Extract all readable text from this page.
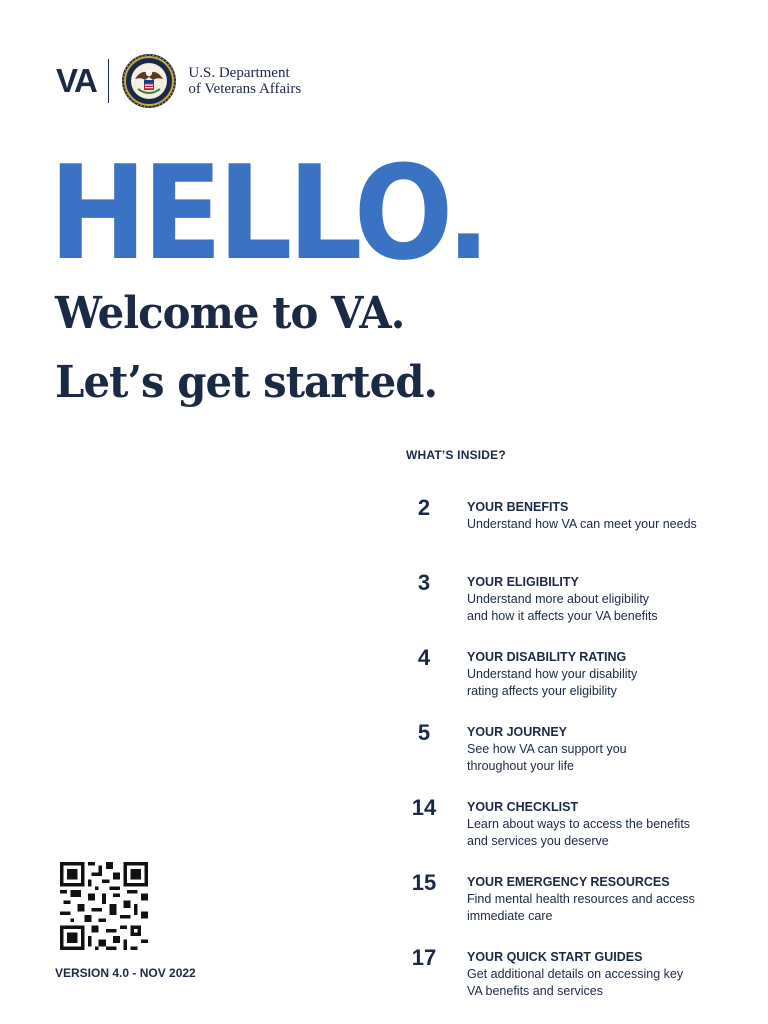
VA	U.S. Department
of Veterans Affairs
HELLO.
Welcome to VA.
Let’s get started.
WHAT’S INSIDE?
2	YOUR BENEFITS
Understand how VA can meet your needs
3	YOUR ELIGIBILITY
Understand more about eligibility
and how it affects your VA benefits
4	YOUR DISABILITY RATING
Understand how your disability
rating affects your eligibility
5	YOUR JOURNEY
See how VA can support you
throughout your life
14	YOUR CHECKLIST
Learn about ways to access the benefits
and services you deserve
15	YOUR EMERGENCY RESOURCES
Find mental health resources and access
immediate care
17	YOUR QUICK START GUIDES
Get additional details on accessing key
VA benefits and services
VERSION 4.0 - NOV 2022
